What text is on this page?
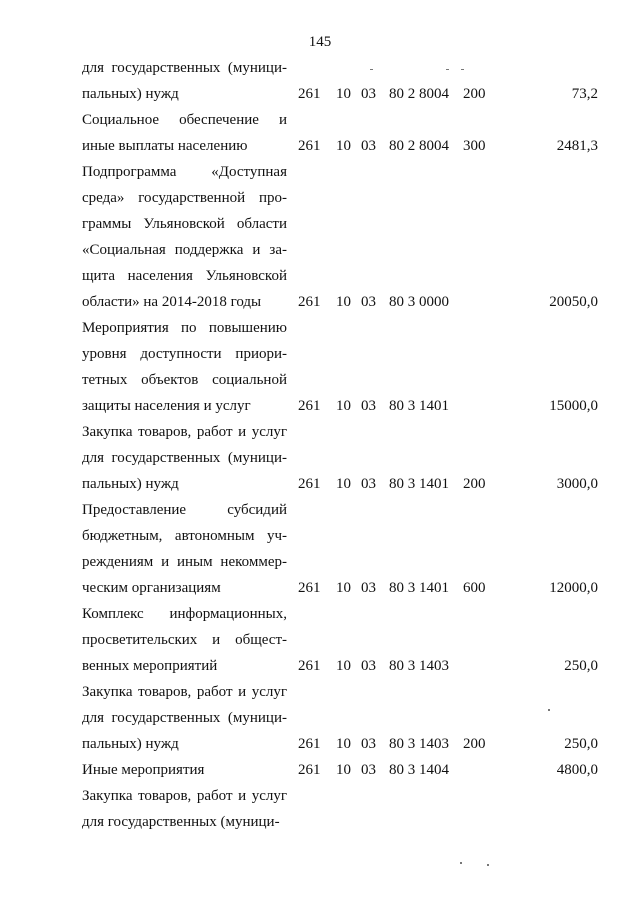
145
для государственных (муници-
пальных) нужд	261 10 03 80 2 8004 200	73,2
Социальное обеспечение и
иные выплаты населению	261 10 03 80 2 8004 300	2481,3
Подпрограмма «Доступная
среда» государственной про-
граммы Ульяновской области
«Социальная поддержка и за-
щита населения Ульяновской
области» на 2014-2018 годы	261 10 03 80 3 0000	20050,0
Мероприятия по повышению
уровня доступности приори-
тетных объектов социальной
защиты населения и услуг	261 10 03 80 3 1401	15000,0
Закупка товаров, работ и услуг
для государственных (муници-
пальных) нужд	261 10 03 80 3 1401 200	3000,0
Предоставление субсидий
бюджетным, автономным уч-
реждениям и иным некоммер-
ческим организациям	261 10 03 80 3 1401 600	12000,0
Комплекс информационных,
просветительских и общест-
венных мероприятий	261 10 03 80 3 1403	250,0
Закупка товаров, работ и услуг
для государственных (муници-
пальных) нужд	261 10 03 80 3 1403 200	250,0
Иные мероприятия	261 10 03 80 3 1404	4800,0
Закупка товаров, работ и услуг
для государственных (муници-
